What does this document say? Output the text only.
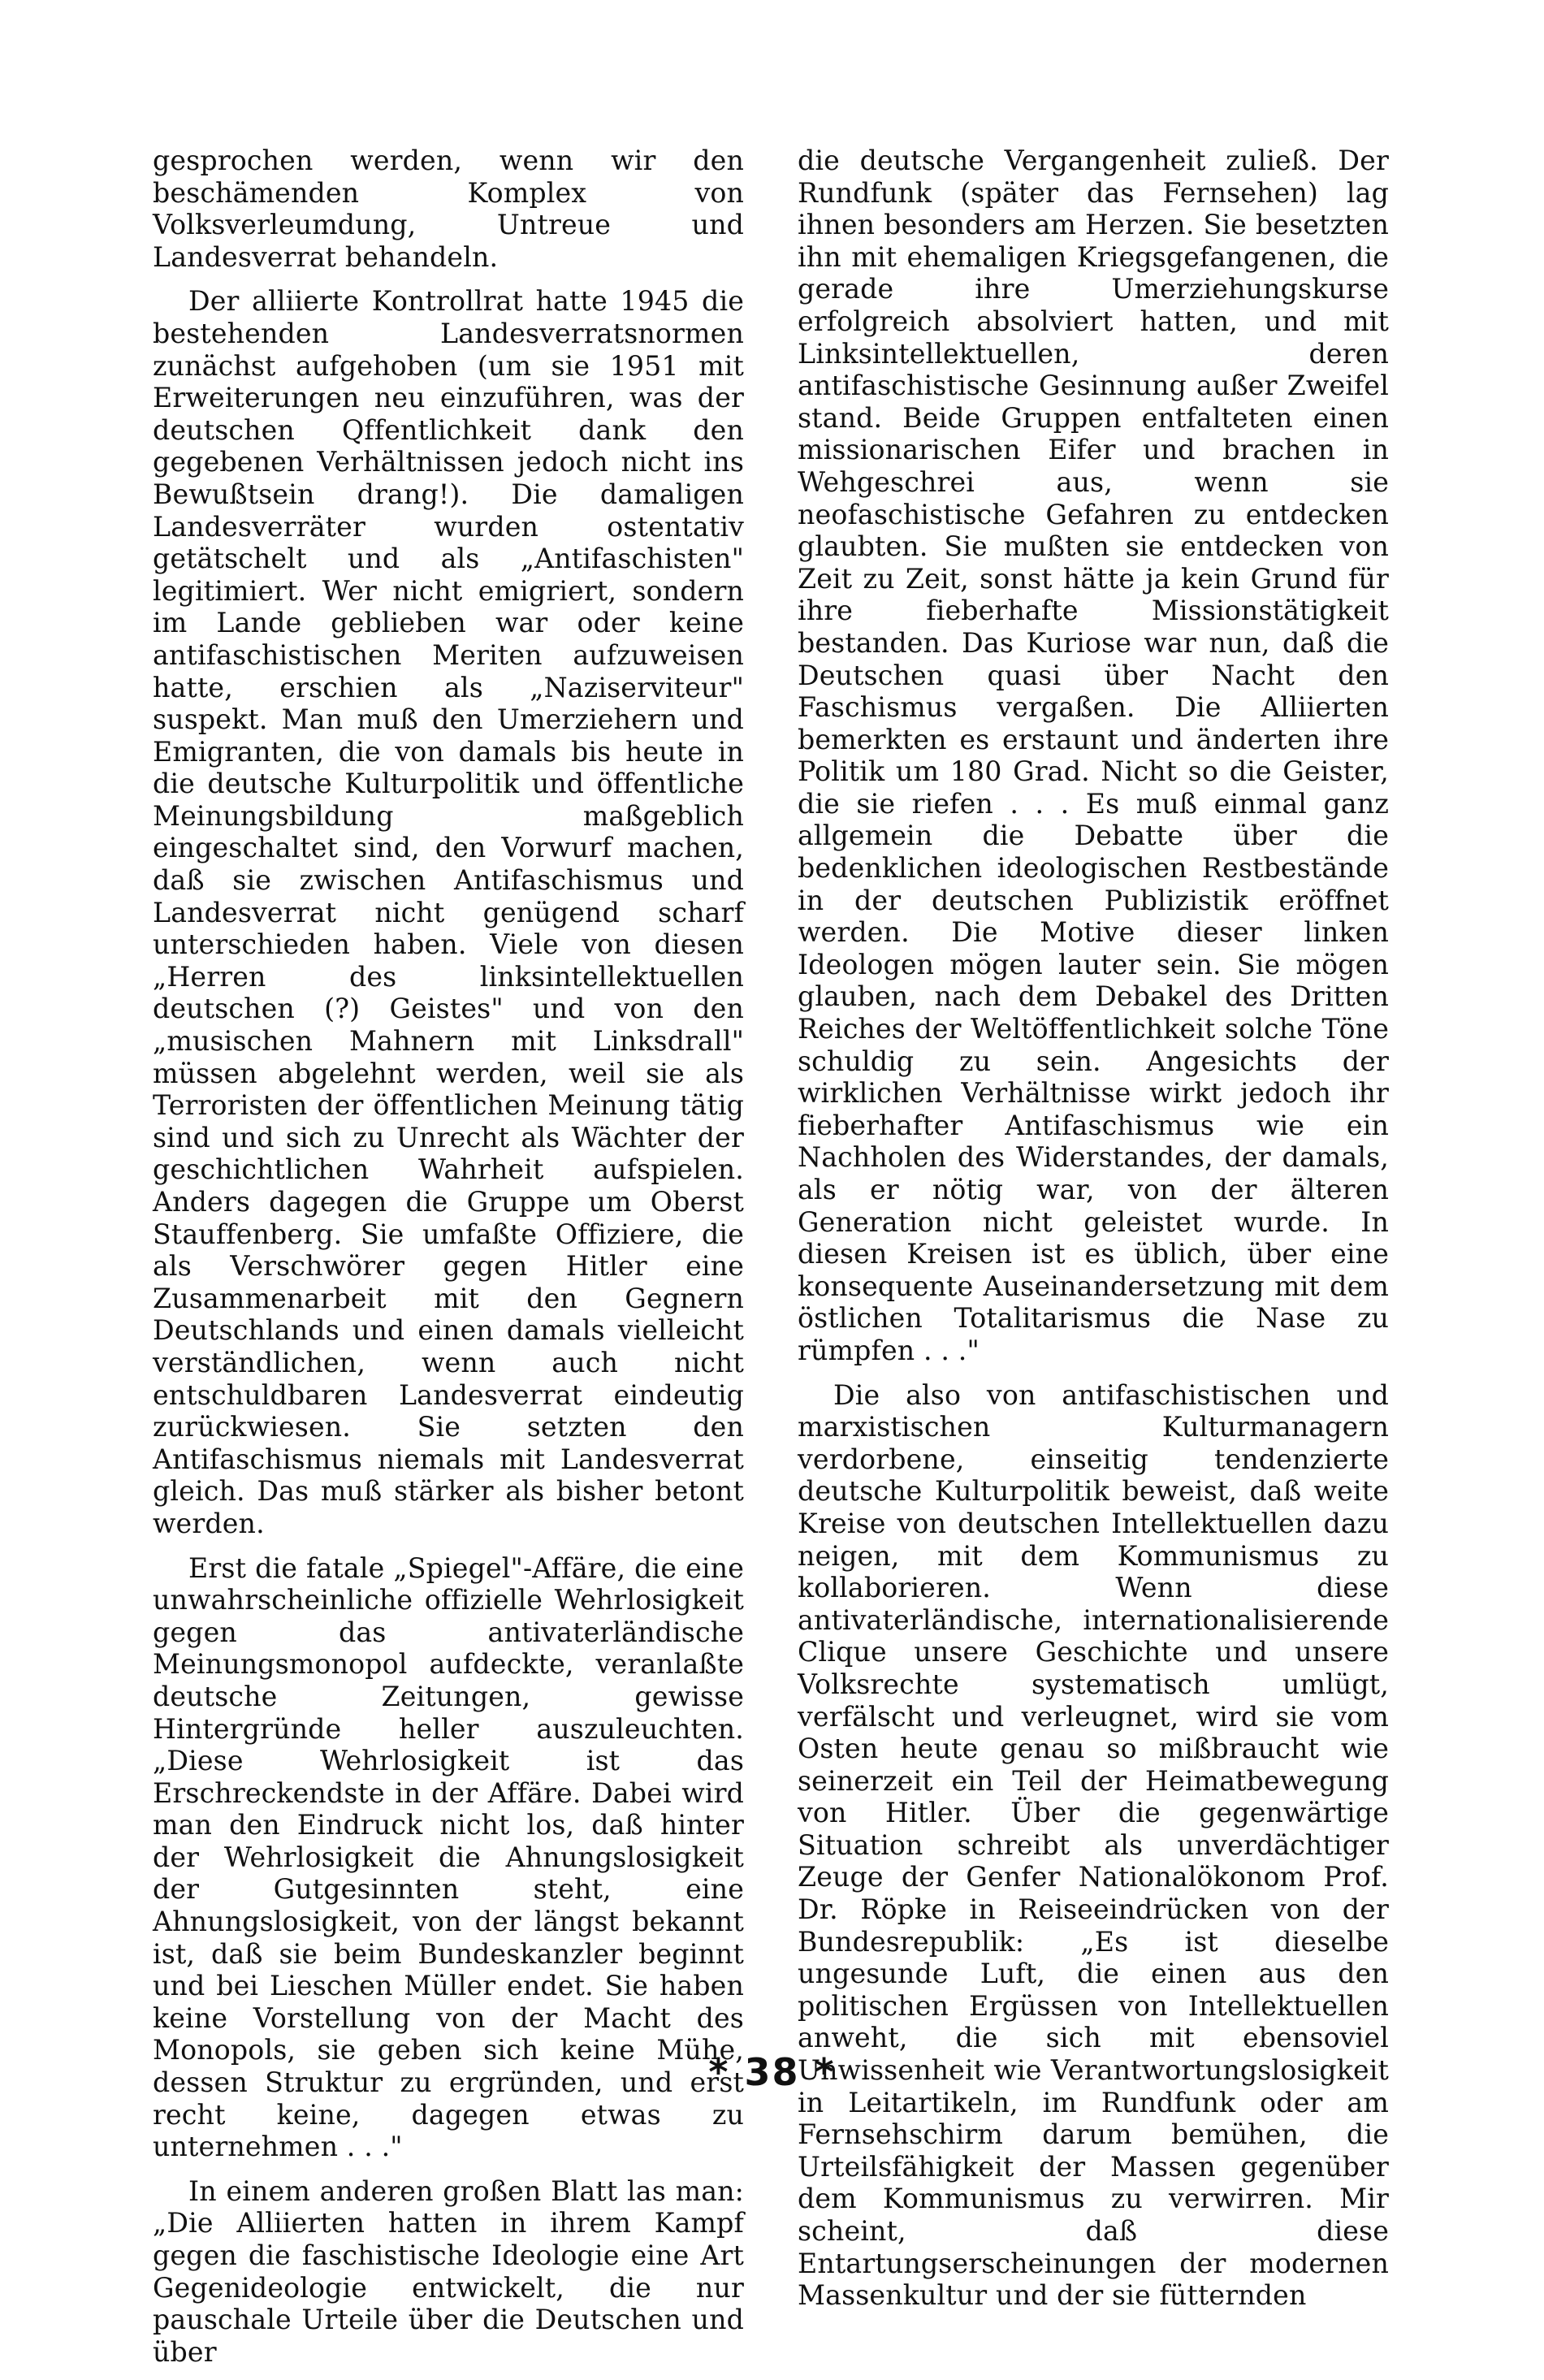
gesprochen werden, wenn wir den beschämenden Komplex von Volksverleumdung, Untreue und Landesverrat behandeln.

Der alliierte Kontrollrat hatte 1945 die bestehenden Landesverratsnormen zunächst aufgehoben (um sie 1951 mit Erweiterungen neu einzuführen, was der deutschen Qffentlichkeit dank den gegebenen Verhältnissen jedoch nicht ins Bewußtsein drang!). Die damaligen Landesverräter wurden ostentativ getätschelt und als „Antifaschisten" legitimiert. Wer nicht emigriert, sondern im Lande geblieben war oder keine antifaschistischen Meriten aufzuweisen hatte, erschien als „Naziserviteur" suspekt. Man muß den Umerziehern und Emigranten, die von damals bis heute in die deutsche Kulturpolitik und öffentliche Meinungsbildung maßgeblich eingeschaltet sind, den Vorwurf machen, daß sie zwischen Antifaschismus und Landesverrat nicht genügend scharf unterschieden haben. Viele von diesen „Herren des linksintellektuellen deutschen (?) Geistes" und von den „musischen Mahnern mit Linksdrall" müssen abgelehnt werden, weil sie als Terroristen der öffentlichen Meinung tätig sind und sich zu Unrecht als Wächter der geschichtlichen Wahrheit aufspielen. Anders dagegen die Gruppe um Oberst Stauffenberg. Sie umfaßte Offiziere, die als Verschwörer gegen Hitler eine Zusammenarbeit mit den Gegnern Deutschlands und einen damals vielleicht verständlichen, wenn auch nicht entschuldbaren Landesverrat eindeutig zurückwiesen. Sie setzten den Antifaschismus niemals mit Landesverrat gleich. Das muß stärker als bisher betont werden.

Erst die fatale „Spiegel"-Affäre, die eine unwahrscheinliche offizielle Wehrlosigkeit gegen das antivaterländische Meinungsmonopol aufdeckte, veranlaßte deutsche Zeitungen, gewisse Hintergründe heller auszuleuchten. „Diese Wehrlosigkeit ist das Erschreckendste in der Affäre. Dabei wird man den Eindruck nicht los, daß hinter der Wehrlosigkeit die Ahnungslosigkeit der Gutgesinnten steht, eine Ahnungslosigkeit, von der längst bekannt ist, daß sie beim Bundeskanzler beginnt und bei Lieschen Müller endet. Sie haben keine Vorstellung von der Macht des Monopols, sie geben sich keine Mühe, dessen Struktur zu ergründen, und erst recht keine, dagegen etwas zu unternehmen . . ."

In einem anderen großen Blatt las man: „Die Alliierten hatten in ihrem Kampf gegen die faschistische Ideologie eine Art Gegenideologie entwickelt, die nur pauschale Urteile über die Deutschen und über

die deutsche Vergangenheit zuließ. Der Rundfunk (später das Fernsehen) lag ihnen besonders am Herzen. Sie besetzten ihn mit ehemaligen Kriegsgefangenen, die gerade ihre Umerziehungskurse erfolgreich absolviert hatten, und mit Linksintellektuellen, deren antifaschistische Gesinnung außer Zweifel stand. Beide Gruppen entfalteten einen missionarischen Eifer und brachen in Wehgeschrei aus, wenn sie neofaschistische Gefahren zu entdecken glaubten. Sie mußten sie entdecken von Zeit zu Zeit, sonst hätte ja kein Grund für ihre fieberhafte Missionstätigkeit bestanden. Das Kuriose war nun, daß die Deutschen quasi über Nacht den Faschismus vergaßen. Die Alliierten bemerkten es erstaunt und änderten ihre Politik um 180 Grad. Nicht so die Geister, die sie riefen . . . Es muß einmal ganz allgemein die Debatte über die bedenklichen ideologischen Restbestände in der deutschen Publizistik eröffnet werden. Die Motive dieser linken Ideologen mögen lauter sein. Sie mögen glauben, nach dem Debakel des Dritten Reiches der Weltöffentlichkeit solche Töne schuldig zu sein. Angesichts der wirklichen Verhältnisse wirkt jedoch ihr fieberhafter Antifaschismus wie ein Nachholen des Widerstandes, der damals, als er nötig war, von der älteren Generation nicht geleistet wurde. In diesen Kreisen ist es üblich, über eine konsequente Auseinandersetzung mit dem östlichen Totalitarismus die Nase zu rümpfen . . ."

Die also von antifaschistischen und marxistischen Kulturmanagern verdorbene, einseitig tendenzierte deutsche Kulturpolitik beweist, daß weite Kreise von deutschen Intellektuellen dazu neigen, mit dem Kommunismus zu kollaborieren. Wenn diese antivaterländische, internationalisierende Clique unsere Geschichte und unsere Volksrechte systematisch umlügt, verfälscht und verleugnet, wird sie vom Osten heute genau so mißbraucht wie seinerzeit ein Teil der Heimatbewegung von Hitler. Über die gegenwärtige Situation schreibt als unverdächtiger Zeuge der Genfer Nationalökonom Prof. Dr. Röpke in Reiseeindrücken von der Bundesrepublik: „Es ist dieselbe ungesunde Luft, die einen aus den politischen Ergüssen von Intellektuellen anweht, die sich mit ebensoviel Unwissenheit wie Verantwortungslosigkeit in Leitartikeln, im Rundfunk oder am Fernsehschirm darum bemühen, die Urteilsfähigkeit der Massen gegenüber dem Kommunismus zu verwirren. Mir scheint, daß diese Entartungserscheinungen der modernen Massenkultur und der sie fütternden

* 38 *
